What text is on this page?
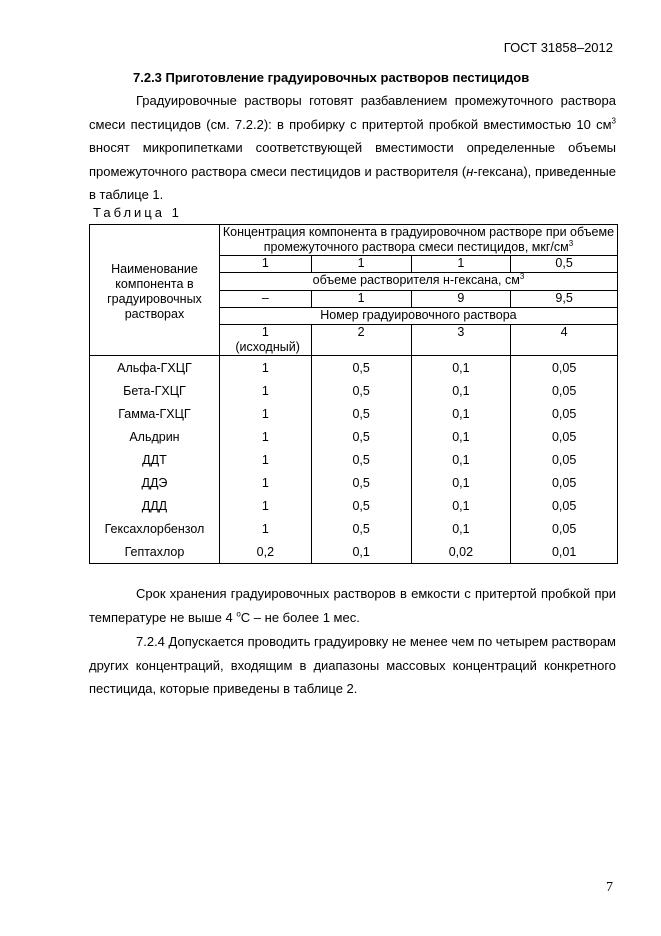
ГОСТ 31858–2012
7.2.3 Приготовление градуировочных растворов пестицидов
Градуировочные растворы готовят разбавлением промежуточного раствора смеси пестицидов (см. 7.2.2): в пробирку с притертой пробкой вместимостью 10 $см^3$ вносят микропипетками соответствующей вместимости определенные объемы промежуточного раствора смеси пестицидов и растворителя (н-гексана), приведенные в таблице 1.
Таблица 1
Наименование компонента в градуировочных растворах	Концентрация компонента в градуировочном растворе при объеме промежуточного раствора смеси пестицидов, мкг/$см^3$
	1	1	1	0,5
	объеме растворителя н-гексана, $см^3$
	–	1	9	9,5
	Номер градуировочного раствора			

	1 (исходный)	2	3	4
Альфа-ГХЦГ	1	0,5	0,1	0,05
Бета-ГХЦГ	1	0,5	0,1	0,05
Гамма-ГХЦГ	1	0,5	0,1	0,05
Альдрин	1	0,5	0,1	0,05
ДДТ	1	0,5	0,1	0,05
ДДЭ	1	0,5	0,1	0,05
ДДД	1	0,5	0,1	0,05
Гексахлорбензол	1	0,5	0,1	0,05
Гептахлор	0,2	0,1	0,02	0,01
Срок хранения градуировочных растворов в емкости с притертой пробкой при температуре не выше 4 $^о$С – не более 1 мес.
7.2.4 Допускается проводить градуировку не менее чем по четырем растворам других концентраций, входящим в диапазоны массовых концентраций конкретного пестицида, которые приведены в таблице 2.
7
